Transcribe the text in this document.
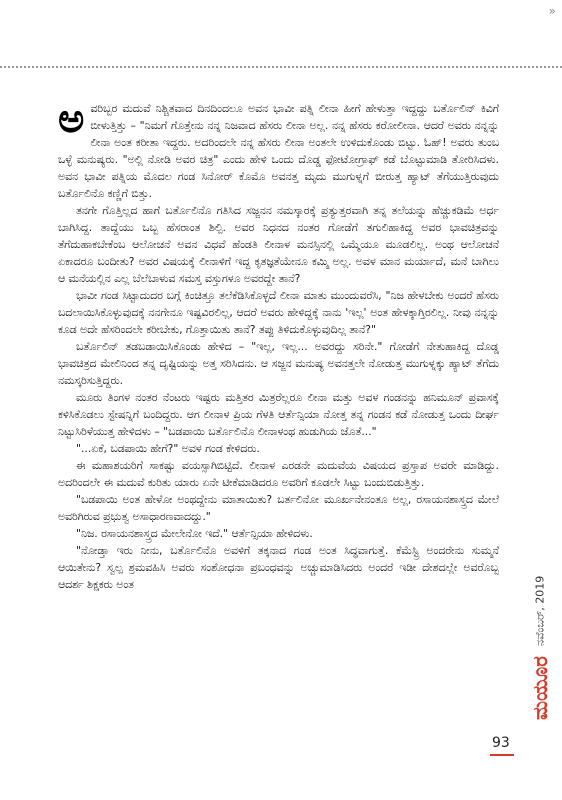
»

ಅವರಿಬ್ಬರ ಮದುವೆ ನಿಶ್ಚಿತವಾದ ದಿನದಿಂದಲೂ ಅವನ ಭಾವೀ ಪತ್ನಿ ಲೀನಾ ಹೀಗೆ ಹೇಳುತ್ತಾ ಇದ್ದದ್ದು ಬರ್ತೊಲಿನ್ ಕಿವಿಗೆ ಬೀಳುತ್ತಿತ್ತು – "ನಿಮಗೆ ಗೊತ್ತೇನು ನನ್ನ ನಿಜವಾದ ಹೆಸರು ಲೀನಾ ಅಲ್ಲ. ನನ್ನ ಹೆಸರು ಕರೋಲೀನಾ. ಆದರೆ ಅವರು ನನ್ನನ್ನು ಲೀನಾ ಅಂತ ಕರೀತಾ ಇದ್ದರು. ಅದರಿಂದಲೇ ನನ್ನ ಹೆಸರು ಲೀನಾ ಅಂತಲೇ ಉಳಿದುಕೊಂಡು ಬಿಟ್ಟು. ಓಹ್! ಅವರು ತುಂಬ ಒಳ್ಳೆ ಮನುಷ್ಯರು. "ಅಲ್ಲಿ ನೋಡಿ ಅವರ ಚಿತ್ರ" ಎಂದು ಹೇಳಿ ಒಂದು ದೊಡ್ಡ ಫೋಟೋಗ್ರಾಫ್ ಕಡೆ ಬೊಟ್ಟುಮಾಡಿ ತೋರಿಸಿದಳು. ಅವನ ಭಾವೀ ಪತ್ನಿಯ ಮೊದಲ ಗಂಡ ಸಿನೋರ್ ಕೊಮೊ ಅವನತ್ತ ಮೃದು ಮುಗುಳ್ನಗೆ ಬೀರುತ್ತ ಹ್ಯಾಟ್ ತೆಗೆಯುತ್ತಿರುವುದು ಬರ್ತೊಲಿನೊ ಕಣ್ಣಿಗೆ ಬಿತ್ತು.

ತನಗೇ ಗೊತ್ತಿಲ್ಲದ ಹಾಗೆ ಬರ್ತೊಲಿನೊ ಗತಿಸಿದ ಸಜ್ಜನನ ನಮಸ್ಕಾರಕ್ಕೆ ಪ್ರತ್ಯುತ್ತರವಾಗಿ ತನ್ನ ತಲೆಯನ್ನು ಹೆಚ್ಚುಕಡಿಮೆ ಅರ್ಧ ಬಾಗಿಸಿದ್ದ. ತಾದ್ದೆಯು ಒಬ್ಬ ಹೆಸರಾಂತ ಶಿಲ್ಪಿ. ಅವರ ನಿಧನದ ನಂತರ ಗೋಡೆಗೆ ತಗುಲಿಹಾಕಿದ್ದ ಅವರ ಭಾವಚಿತ್ರವನ್ನು ತೆಗೆದುಹಾಕಬೇಕೆಂಬ ಆಲೋಚನೆ ಅವನ ವಿಧವೆ ಹೆಂಡತಿ ಲೀನಾಳ ಮನಸ್ಸಿನಲ್ಲಿ ಒಮ್ಮೆಯೂ ಮೂಡಲಿಲ್ಲ. ಅಂಥ ಆಲೋಚನೆ ಏಕಾದರೂ ಬಂದೀತು? ಅವರ ವಿಷಯಕ್ಕೆ ಲೀನಾಳಿಗೆ ಇದ್ದ ಕೃತಜ್ಞತೆಯೇನೂ ಕಮ್ಮಿ ಅಲ್ಲ. ಅವಳ ಮಾನ ಮರ್ಯಾದೆ, ಮನೆ ಬಾಗಿಲು ಆ ಮನೆಯಲ್ಲಿನ ಎಲ್ಲ ಬೆಲೆಬಾಳುವ ಸಮಸ್ತ ವಸ್ತುಗಳೂ ಅವರದ್ದೇ ತಾನೆ?

ಭಾವೀ ಗಂಡ ಸಿಟ್ಟಾದುದರ ಬಗ್ಗೆ ಕಿಂಚಿತ್ತೂ ತಲೆಕೆಡಿಸಿಕೊಳ್ಳದೆ ಲೀನಾ ಮಾತು ಮುಂದುವರೆಸಿ, "ನಿಜ ಹೇಳಬೇಕು ಅಂದರೆ ಹೆಸರು ಬದಲಾಯಿಸಿಕೊಳ್ಳುವುದಕ್ಕೆ ನನಗೇನೂ ಇಷ್ಟವಿರಲಿಲ್ಲ, ಆದರೆ ಅವರು ಹೇಳಿದ್ದಕ್ಕೆ ನಾನು 'ಇಲ್ಲ' ಅಂತ ಹೇಳಕ್ಕಾಗ್ತಿರಲಿಲ್ಲ. ನೀವು ನನ್ನನ್ನು ಕೂಡ ಅದೇ ಹೆಸರಿಂದಲೇ ಕರೀಬೇಕು, ಗೊತ್ತಾಯಿತು ತಾನೆ? ತಪ್ಪು ತಿಳಿದುಕೊಳ್ಳುವುದಿಲ್ಲ ತಾನೆ?"

ಬರ್ತೊಲಿನ್ ತಡಬಡಾಯಿಸಿಕೊಂಡು ಹೇಳಿದ – "ಇಲ್ಲ, ಇಲ್ಲ... ಅವರದ್ದು ಸರಿನೇ." ಗೋಡೆಗೆ ನೇತುಹಾಕಿದ್ದ ದೊಡ್ಡ ಭಾವಚಿತ್ರದ ಮೇಲಿನಿಂದ ತನ್ನ ದೃಷ್ಟಿಯನ್ನು ಅತ್ತ ಸರಿಸಿದನು. ಆ ಸಜ್ಜನ ಮನುಷ್ಯ ಅವನತ್ತಲೇ ನೋಡುತ್ತ ಮುಗುಳ್ನಕ್ಕು ಹ್ಯಾಟ್ ತೆಗೆದು ನಮಸ್ಕರಿಸುತ್ತಿದ್ದರು.

ಮೂರು ತಿಂಗಳ ನಂತರ ನೆಂಟರು ಇಷ್ಟರು ಮತ್ತಿತರ ಮಿತ್ರರೆಲ್ಲರೂ ಲೀನಾ ಮತ್ತು ಅವಳ ಗಂಡನನ್ನು ಹನಿಮೂನ್ ಪ್ರವಾಸಕ್ಕೆ ಕಳಿಸಿಕೊಡಲು ಸ್ಟೇಷನ್ನಿಗೆ ಬಂದಿದ್ದರು. ಆಗ ಲೀನಾಳ ಪ್ರಿಯ ಗೆಳತಿ ಆರ್ತೆನ್ಸಿಯಾ ನೋತ್ತ ತನ್ನ ಗಂಡನ ಕಡೆ ನೋಡುತ್ತ ಒಂದು ದೀರ್ಘ ನಿಟ್ಟುಸಿರಿಳೆಯುತ್ತ ಹೇಳಿದಳು – "ಬಡಪಾಯಿ ಬರ್ತೊಲಿನೊ ಲೀನಾಳಂಥ ಹುಡುಗಿಯ ಜೊತೆ..."

"...ಏಕೆ, ಬಡಪಾಯಿ ಹೇಗೆ?" ಅವಳ ಗಂಡ ಕೇಳಿದರು.

ಈ ಮಹಾಶಯರಿಗೆ ಸಾಕಷ್ಟು ವಯಸ್ಸಾಗಿಬಿಟ್ಟಿದೆ. ಲೀನಾಳ ಎರಡನೇ ಮದುವೆಯ ವಿಷಯದ ಪ್ರಸ್ತಾಪ ಅವರೇ ಮಾಡಿದ್ದು. ಅದರಿಂದಲೇ ಈ ಮದುವೆ ಕುರಿತು ಯಾರು ಏನೇ ಟೀಕೆಮಾಡಿದರೂ ಅವರಿಗೆ ಕೂಡಲೇ ಸಿಟ್ಟು ಬಂದುಬಿಡುತ್ತಿತ್ತು.

"ಬಡಪಾಯಿ ಅಂತ ಹೇಳೋ ಅಂಥದ್ದೇನು ಮಾತಾಯಿತು? ಬರ್ತಲಿನೋ ಮೂರ್ಖನೇನಂತೂ ಅಲ್ಲ, ರಸಾಯನಶಾಸ್ತ್ರದ ಮೇಲೆ ಅವರಿಗಿರುವ ಪ್ರಭುತ್ವ ಅಸಾಧಾರಣವಾದದ್ದು."

"ನಿಜ. ರಸಾಯನಶಾಸ್ತ್ರದ ಮೇಲೇನೋ ಇದೆ." ಆರ್ತೆನ್ಸಿಯಾ ಹೇಳಿದಳು.

"ನೋಡ್ತಾ ಇರು ನೀನು, ಬರ್ತೊಲಿನೊ ಅವಳಿಗೆ ತಕ್ಕನಾದ ಗಂಡ ಅಂತ ಸಿದ್ಧವಾಗುತ್ತೆ. ಕೆಮೆಸ್ಟ್ರಿ ಅಂದರೇನು ಸುಮ್ಮನೆ ಆಯಿತೇನು? ಸ್ವಲ್ಪ ಶ್ರಮವಹಿಸಿ ಅವರು ಸಂಶೋಧನಾ ಪ್ರಬಂಧವನ್ನು ಅಚ್ಚುಮಾಡಿಸಿದರು ಅಂದರೆ ಇಡೀ ದೇಶದಲ್ಲೇ ಅವರೊಬ್ಬ ಆದರ್ಶ ಶಿಕ್ಷಕರು ಅಂತ

ಮಯೂರ
ನವೆಂಬರ್, 2019
93
